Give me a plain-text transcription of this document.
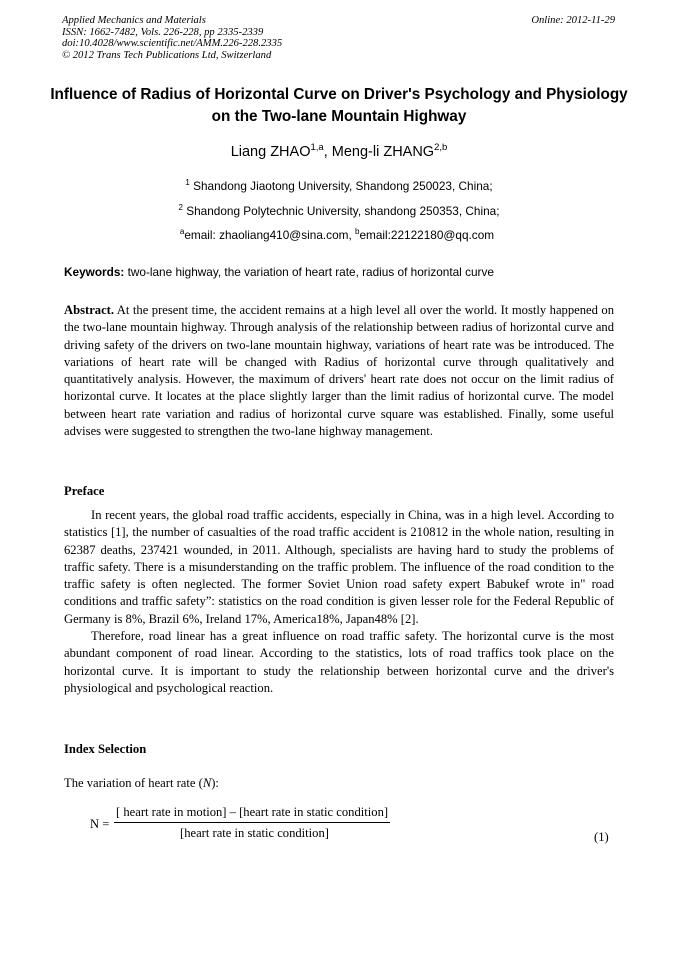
Applied Mechanics and Materials
ISSN: 1662-7482, Vols. 226-228, pp 2335-2339
doi:10.4028/www.scientific.net/AMM.226-228.2335
© 2012 Trans Tech Publications Ltd, Switzerland
Online: 2012-11-29
Influence of Radius of Horizontal Curve on Driver's Psychology and Physiology on the Two-lane Mountain Highway
Liang ZHAO$^{1,a}$, Meng-li ZHANG$^{2,b}$
$^1$ Shandong Jiaotong University, Shandong 250023, China;
$^2$ Shandong Polytechnic University, shandong 250353, China;
$^a$email: zhaoliang410@sina.com, $^b$email:22122180@qq.com
Keywords: two-lane highway, the variation of heart rate, radius of horizontal curve

Abstract. At the present time, the accident remains at a high level all over the world. It mostly happened on the two-lane mountain highway. Through analysis of the relationship between radius of horizontal curve and driving safety of the drivers on two-lane mountain highway, variations of heart rate was be introduced. The variations of heart rate will be changed with Radius of horizontal curve through qualitatively and quantitatively analysis. However, the maximum of drivers' heart rate does not occur on the limit radius of horizontal curve. It locates at the place slightly larger than the limit radius of horizontal curve. The model between heart rate variation and radius of horizontal curve square was established. Finally, some useful advises were suggested to strengthen the two-lane highway management.

Preface

In recent years, the global road traffic accidents, especially in China, was in a high level. According to statistics [1], the number of casualties of the road traffic accident is 210812 in the whole nation, resulting in 62387 deaths, 237421 wounded, in 2011. Although, specialists are having hard to study the problems of traffic safety. There is a misunderstanding on the traffic problem. The influence of the road condition to the traffic safety is often neglected. The former Soviet Union road safety expert Babukef wrote in" road conditions and traffic safety”: statistics on the road condition is given lesser role for the Federal Republic of Germany is 8%, Brazil 6%, Ireland 17%, America18%, Japan48% [2].

Therefore, road linear has a great influence on road traffic safety. The horizontal curve is the most abundant component of road linear. According to the statistics, lots of road traffics took place on the horizontal curve. It is important to study the relationship between horizontal curve and the driver's physiological and psychological reaction.

Index Selection

The variation of heart rate (N):

N =
[ heart rate in motion] – [heart rate in static condition]
[heart rate in static condition]	(1)
